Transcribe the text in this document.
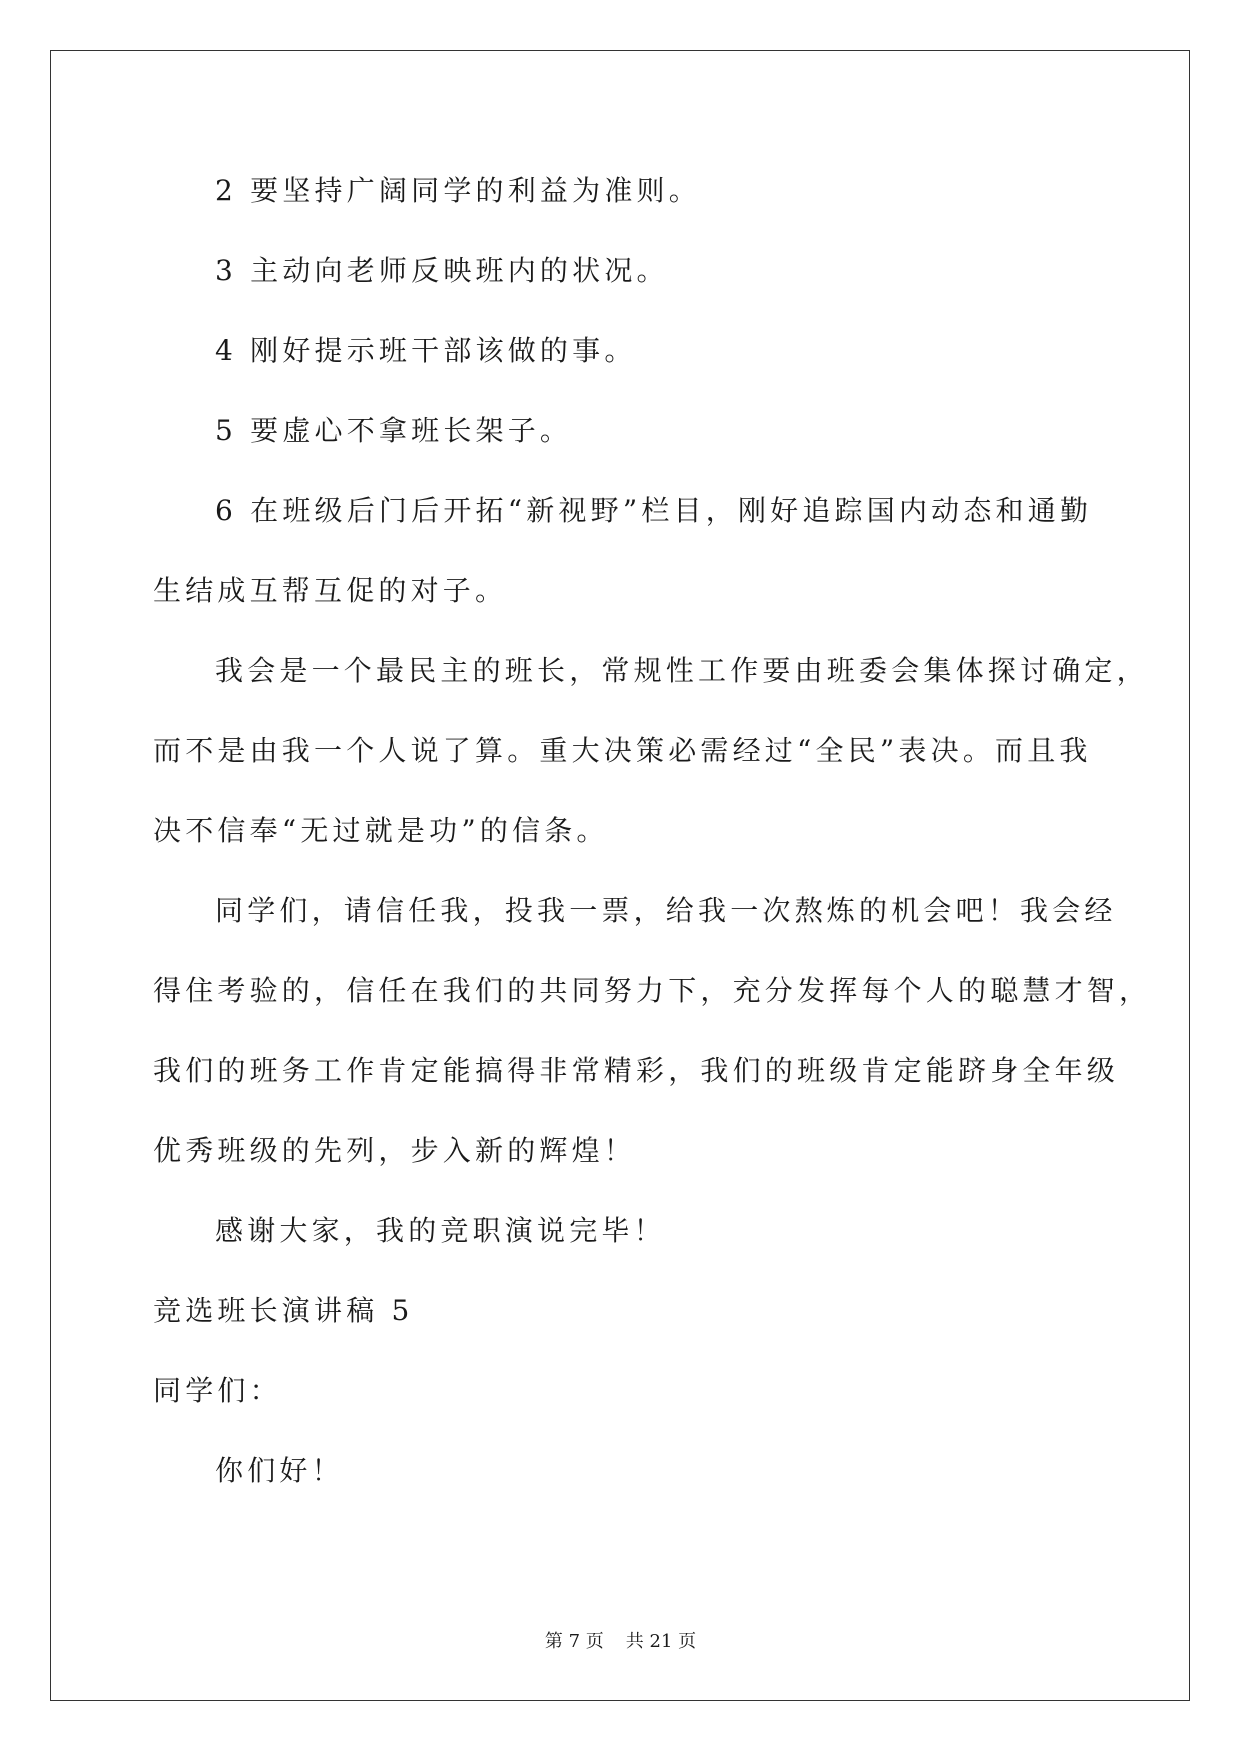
2 要坚持广阔同学的利益为准则。
3 主动向老师反映班内的状况。
4 刚好提示班干部该做的事。
5 要虚心不拿班长架子。
6 在班级后门后开拓“新视野”栏目，刚好追踪国内动态和通勤
生结成互帮互促的对子。
我会是一个最民主的班长，常规性工作要由班委会集体探讨确定，
而不是由我一个人说了算。重大决策必需经过“全民”表决。而且我
决不信奉“无过就是功”的信条。
同学们，请信任我，投我一票，给我一次熬炼的机会吧！我会经
得住考验的，信任在我们的共同努力下，充分发挥每个人的聪慧才智，
我们的班务工作肯定能搞得非常精彩，我们的班级肯定能跻身全年级
优秀班级的先列，步入新的辉煌！
感谢大家，我的竞职演说完毕！
竞选班长演讲稿 5
同学们：
你们好！
第 7 页 共 21 页
